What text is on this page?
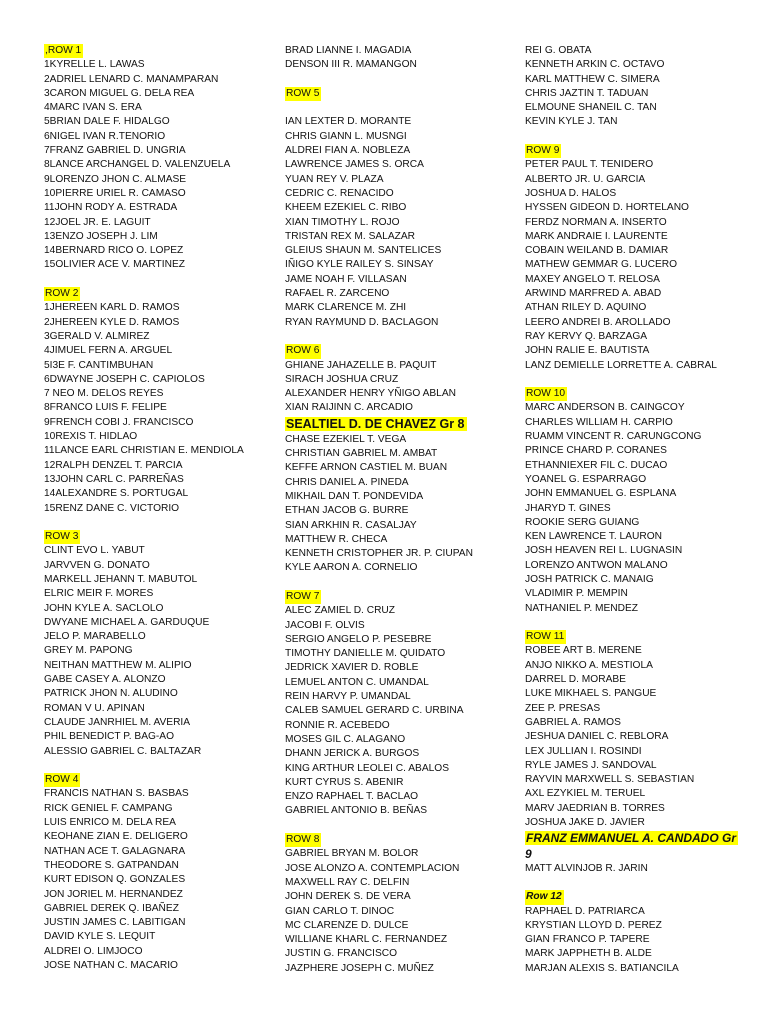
,ROW 1
1KYRELLE L. LAWAS
2ADRIEL LENARD C. MANAMPARAN
3CARON MIGUEL G. DELA REA
4MARC IVAN S. ERA
5BRIAN DALE F. HIDALGO
6NIGEL IVAN R.TENORIO
7FRANZ GABRIEL D. UNGRIA
8LANCE ARCHANGEL D. VALENZUELA
9LORENZO JHON C. ALMASE
10PIERRE URIEL R. CAMASO
11JOHN RODY A. ESTRADA
12JOEL JR. E. LAGUIT
13ENZO JOSEPH J. LIM
14BERNARD RICO O. LOPEZ
15OLIVIER ACE V. MARTINEZ
ROW 2
1JHEREEN KARL D. RAMOS
2JHEREEN KYLE D. RAMOS
3GERALD V. ALMIREZ
4JIMUEL FERN A. ARGUEL
5I3E F. CANTIMBUHAN
6DWAYNE JOSEPH C. CAPIOLOS
7 NEO M. DELOS REYES
8FRANCO LUIS F. FELIPE
9FRENCH COBI J. FRANCISCO
10REXIS T. HIDLAO
11LANCE EARL CHRISTIAN E. MENDIOLA
12RALPH DENZEL T. PARCIA
13JOHN CARL C. PARREÑAS
14ALEXANDRE S. PORTUGAL
15RENZ DANE C. VICTORIO
ROW 3
CLINT EVO L. YABUT
JARVVEN G. DONATO
MARKELL JEHANN T. MABUTOL
ELRIC MEIR F. MORES
JOHN KYLE A. SACLOLO
DWYANE MICHAEL A. GARDUQUE
JELO P. MARABELLO
GREY M. PAPONG
NEITHAN MATTHEW M. ALIPIO
GABE CASEY A. ALONZO
PATRICK JHON N. ALUDINO
ROMAN V U. APINAN
CLAUDE JANRHIEL M. AVERIA
PHIL BENEDICT P. BAG-AO
ALESSIO GABRIEL C. BALTAZAR
ROW 4
FRANCIS NATHAN S. BASBAS
RICK GENIEL F. CAMPANG
LUIS ENRICO M. DELA REA
KEOHANE ZIAN E. DELIGERO
NATHAN ACE T. GALAGNARA
THEODORE S. GATPANDAN
KURT EDISON Q. GONZALES
JON JORIEL M. HERNANDEZ
GABRIEL DEREK Q. IBAÑEZ
JUSTIN JAMES C. LABITIGAN
DAVID KYLE S. LEQUIT
ALDREI O. LIMJOCO
JOSE NATHAN C. MACARIO
BRAD LIANNE I. MAGADIA
DENSON III R. MAMANGON
ROW 5
IAN LEXTER D. MORANTE
CHRIS GIANN L. MUSNGI
ALDREI FIAN A. NOBLEZA
LAWRENCE JAMES S. ORCA
YUAN REY V. PLAZA
CEDRIC C. RENACIDO
KHEEM EZEKIEL C. RIBO
XIAN TIMOTHY L. ROJO
TRISTAN REX M. SALAZAR
GLEIUS SHAUN M. SANTELICES
IÑIGO KYLE RAILEY S. SINSAY
JAME NOAH F. VILLASAN
RAFAEL R. ZARCENO
MARK CLARENCE M. ZHI
RYAN RAYMUND D. BACLAGON
ROW 6
GHIANE JAHAZELLE B. PAQUIT
SIRACH JOSHUA CRUZ
ALEXANDER HENRY YÑIGO ABLAN
XIAN RAIJINN C. ARCADIO
SEALTIEL D. DE CHAVEZ Gr 8
CHASE EZEKIEL T. VEGA
CHRISTIAN GABRIEL M. AMBAT
KEFFE ARNON CASTIEL M. BUAN
CHRIS DANIEL A. PINEDA
MIKHAIL DAN T. PONDEVIDA
ETHAN JACOB G. BURRE
SIAN ARKHIN R. CASALJAY
MATTHEW R. CHECA
KENNETH CRISTOPHER JR. P. CIUPAN
KYLE AARON A. CORNELIO
ROW 7
ALEC ZAMIEL D. CRUZ
JACOBI F. OLVIS
SERGIO ANGELO P. PESEBRE
TIMOTHY DANIELLE M. QUIDATO
JEDRICK XAVIER D. ROBLE
LEMUEL ANTON C. UMANDAL
REIN HARVY P. UMANDAL
CALEB SAMUEL GERARD C. URBINA
RONNIE R. ACEBEDO
MOSES GIL C. ALAGANO
DHANN JERICK A. BURGOS
KING ARTHUR LEOLEI C. ABALOS
KURT CYRUS S. ABENIR
ENZO RAPHAEL T. BACLAO
GABRIEL ANTONIO B. BEÑAS
ROW 8
GABRIEL BRYAN M. BOLOR
JOSE ALONZO A. CONTEMPLACION
MAXWELL RAY C. DELFIN
JOHN DEREK S. DE VERA
GIAN CARLO T. DINOC
MC CLARENZE D. DULCE
WILLIANE KHARL C. FERNANDEZ
JUSTIN G. FRANCISCO
JAZPHERE JOSEPH C. MUÑEZ
REI G. OBATA
KENNETH ARKIN C. OCTAVO
KARL MATTHEW C. SIMERA
CHRIS JAZTIN T. TADUAN
ELMOUNE SHANEIL C. TAN
KEVIN KYLE J. TAN
ROW 9
PETER PAUL T. TENIDERO
ALBERTO JR. U. GARCIA
JOSHUA D. HALOS
HYSSEN GIDEON D. HORTELANO
FERDZ NORMAN A. INSERTO
MARK ANDRAIE I. LAURENTE
COBAIN WEILAND B. DAMIAR
MATHEW GEMMAR G. LUCERO
MAXEY ANGELO T. RELOSA
ARWIND MARFRED A. ABAD
ATHAN RILEY D. AQUINO
LEERO ANDREI B. AROLLADO
RAY KERVY Q. BARZAGA
JOHN RALIE E. BAUTISTA
LANZ DEMIELLE LORRETTE A. CABRAL
ROW 10
MARC ANDERSON B. CAINGCOY
CHARLES WILLIAM H. CARPIO
RUAMM VINCENT R. CARUNGCONG
PRINCE CHARD P. CORANES
ETHANNIEXER FIL C. DUCAO
YOANEL G. ESPARRAGO
JOHN EMMANUEL G. ESPLANA
JHARYD T. GINES
ROOKIE SERG GUIANG
KEN LAWRENCE T. LAURON
JOSH HEAVEN REI L. LUGNASIN
LORENZO ANTWON MALANO
JOSH PATRICK C. MANAIG
VLADIMIR P. MEMPIN
NATHANIEL P. MENDEZ
ROW 11
ROBEE ART B. MERENE
ANJO NIKKO A. MESTIOLA
DARREL D. MORABE
LUKE MIKHAEL S. PANGUE
ZEE P. PRESAS
GABRIEL A. RAMOS
JESHUA DANIEL C. REBLORA
LEX JULLIAN I. ROSINDI
RYLE JAMES J. SANDOVAL
RAYVIN MARXWELL S. SEBASTIAN
AXL EZYKIEL M. TERUEL
MARV JAEDRIAN B. TORRES
JOSHUA JAKE D. JAVIER
FRANZ EMMANUEL A. CANDADO Gr
9
MATT ALVINJOB R. JARIN
Row 12
RAPHAEL D. PATRIARCA
KRYSTIAN LLOYD D. PEREZ
GIAN FRANCO P. TAPERE
MARK JAPPHETH B. ALDE
MARJAN ALEXIS S. BATIANCILA
